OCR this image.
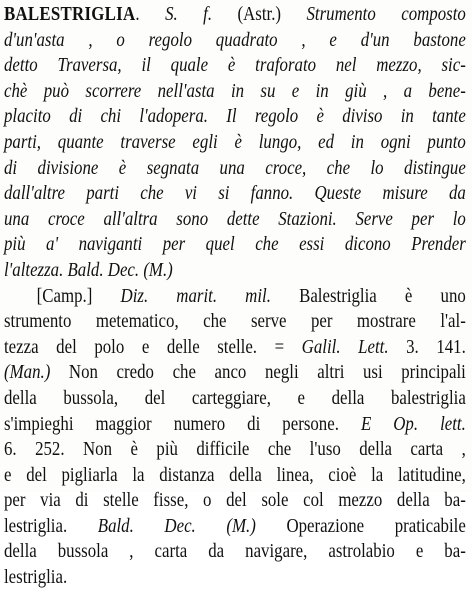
BALESTRIGLIA. S. f. (Astr.) Strumento composto
d'un'asta , o regolo quadrato , e d'un bastone
detto Traversa, il quale è traforato nel mezzo, sic-
chè può scorrere nell'asta in su e in giù , a bene-
placito di chi l'adopera. Il regolo è diviso in tante
parti, quante traverse egli è lungo, ed in ogni punto
di divisione è segnata una croce, che lo distingue
dall'altre parti che vi si fanno. Queste misure da
una croce all'altra sono dette Stazioni. Serve per lo
più a' naviganti per quel che essi dicono Prender
l'altezza. Bald. Dec. (M.)
[Camp.] Diz. marit. mil. Balestriglia è uno
strumento metematico, che serve per mostrare l'al-
tezza del polo e delle stelle. = Galil. Lett. 3. 141.
(Man.) Non credo che anco negli altri usi principali
della bussola, del carteggiare, e della balestriglia
s'impieghi maggior numero di persone. E Op. lett.
6. 252. Non è più difficile che l'uso della carta ,
e del pigliarla la distanza della linea, cioè la latitudine,
per via di stelle fisse, o del sole col mezzo della ba-
lestriglia. Bald. Dec. (M.) Operazione praticabile
della bussola , carta da navigare, astrolabio e ba-
lestriglia.
